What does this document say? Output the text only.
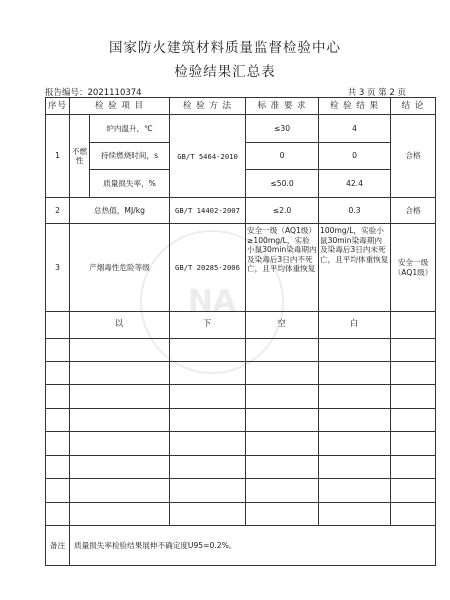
国家防火建筑材料质量监督检验中心
检验结果汇总表
报告编号：2021110374	共 3 页 第 2 页
NA
序号	检 验 项 目		检 验 方 法	标 准 要 求	检 验 结 果	结 论
1	不燃性	炉内温升，℃	GB/T 5464-2010	≤30	4	合格
		持续燃烧时间，s		0	0	
		质量损失率，%		≤50.0	42.4	
2	总热值，MJ/kg		GB/T 14402-2007	≤2.0	0.3	合格
3	产烟毒性危险等级		GB/T 20285-2006	安全一级（AQ1级）≥100mg/L，实验小鼠30min染毒期内及染毒后3日内不死亡，且平均体重恢复	100mg/L，实验小鼠30min染毒期内及染毒后3日内未死亡，且平均体重恢复	安全一级（AQ1级）
	以		下	空	白	

备注	质量损失率检验结果展伸不确定度U95=0.2%。					
